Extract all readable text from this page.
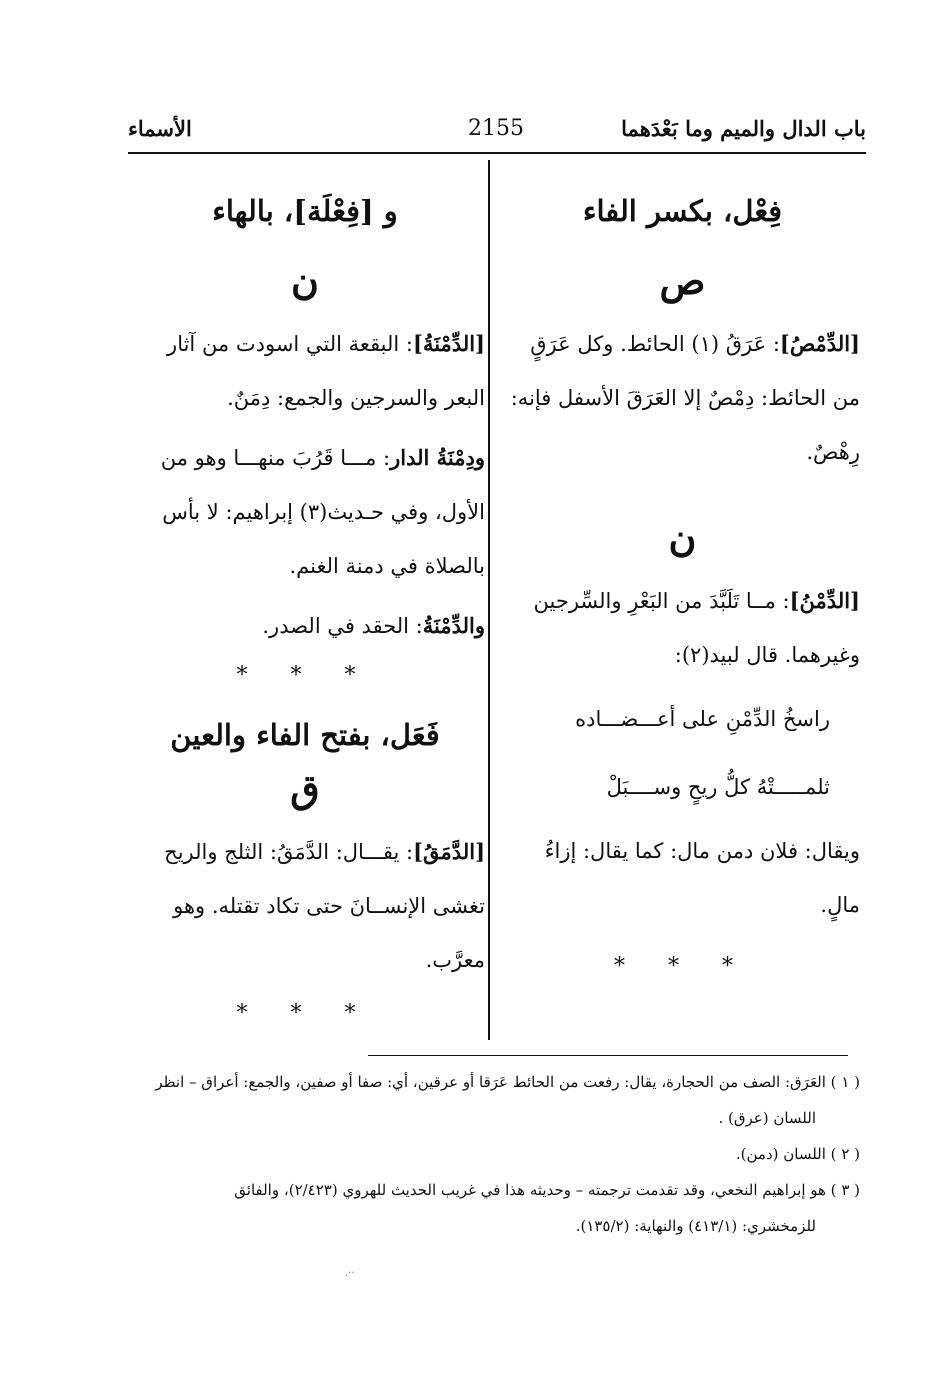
الأسماء	2155	باب الدال والميم وما بَعْدَهما
فِعْل، بكسر الفاء
ص

[الدِّمْصُ]: عَرَقُ (١) الحائط. وكل عَرَقٍ من الحائط: دِمْصٌ إلا العَرَقَ الأسفل فإنه: رِهْصٌ.

ن

[الدِّمْنُ]: مــا تَلَبَّدَ من البَعْرِ والسِّرجين وغيرهما. قال لبيد(٢):

راسخُ الدِّمْنِ على أعـــضـــاده
ثلمـــــتْهُ كلُّ ريحٍ وســــبَلْ

ويقال: فلان دمن مال: كما يقال: إزاءُ مالٍ.

* * *
و [فِعْلَة]، بالهاء
ن

[الدِّمْنَةُ]: البقعة التي اسودت من آثار البعر والسرجين والجمع: دِمَنٌ.

ودِمْنَةُ الدار: مـــا قَرُبَ منهـــا وهو من الأول، وفي حـديث(٣) إبراهيم: لا بأس بالصلاة في دمنة الغنم.

والدِّمْنَةُ: الحقد في الصدر.

* * *
فَعَل، بفتح الفاء والعين
ق

[الدَّمَقُ]: يقـــال: الدَّمَقُ: الثلج والريح تغشى الإنســانَ حتى تكاد تقتله. وهو معرَّب.

* * *

( ١ ) العَرَق: الصف من الحجارة، يقال: رفعت من الحائط عَرَقا أو عرقين، أي: صفا أو صفين، والجمع: أعراق – انظر

اللسان (عرق) .

( ٢ ) اللسان (دمن).

( ٣ ) هو إبراهيم النخعي، وقد تقدمت ترجمته – وحديثه هذا في غريب الحديث للهروي (٢/٤٢٣)، والفائق

للزمخشري: (٤١٣/١) والنهاية: (١٣٥/٢).

.··
